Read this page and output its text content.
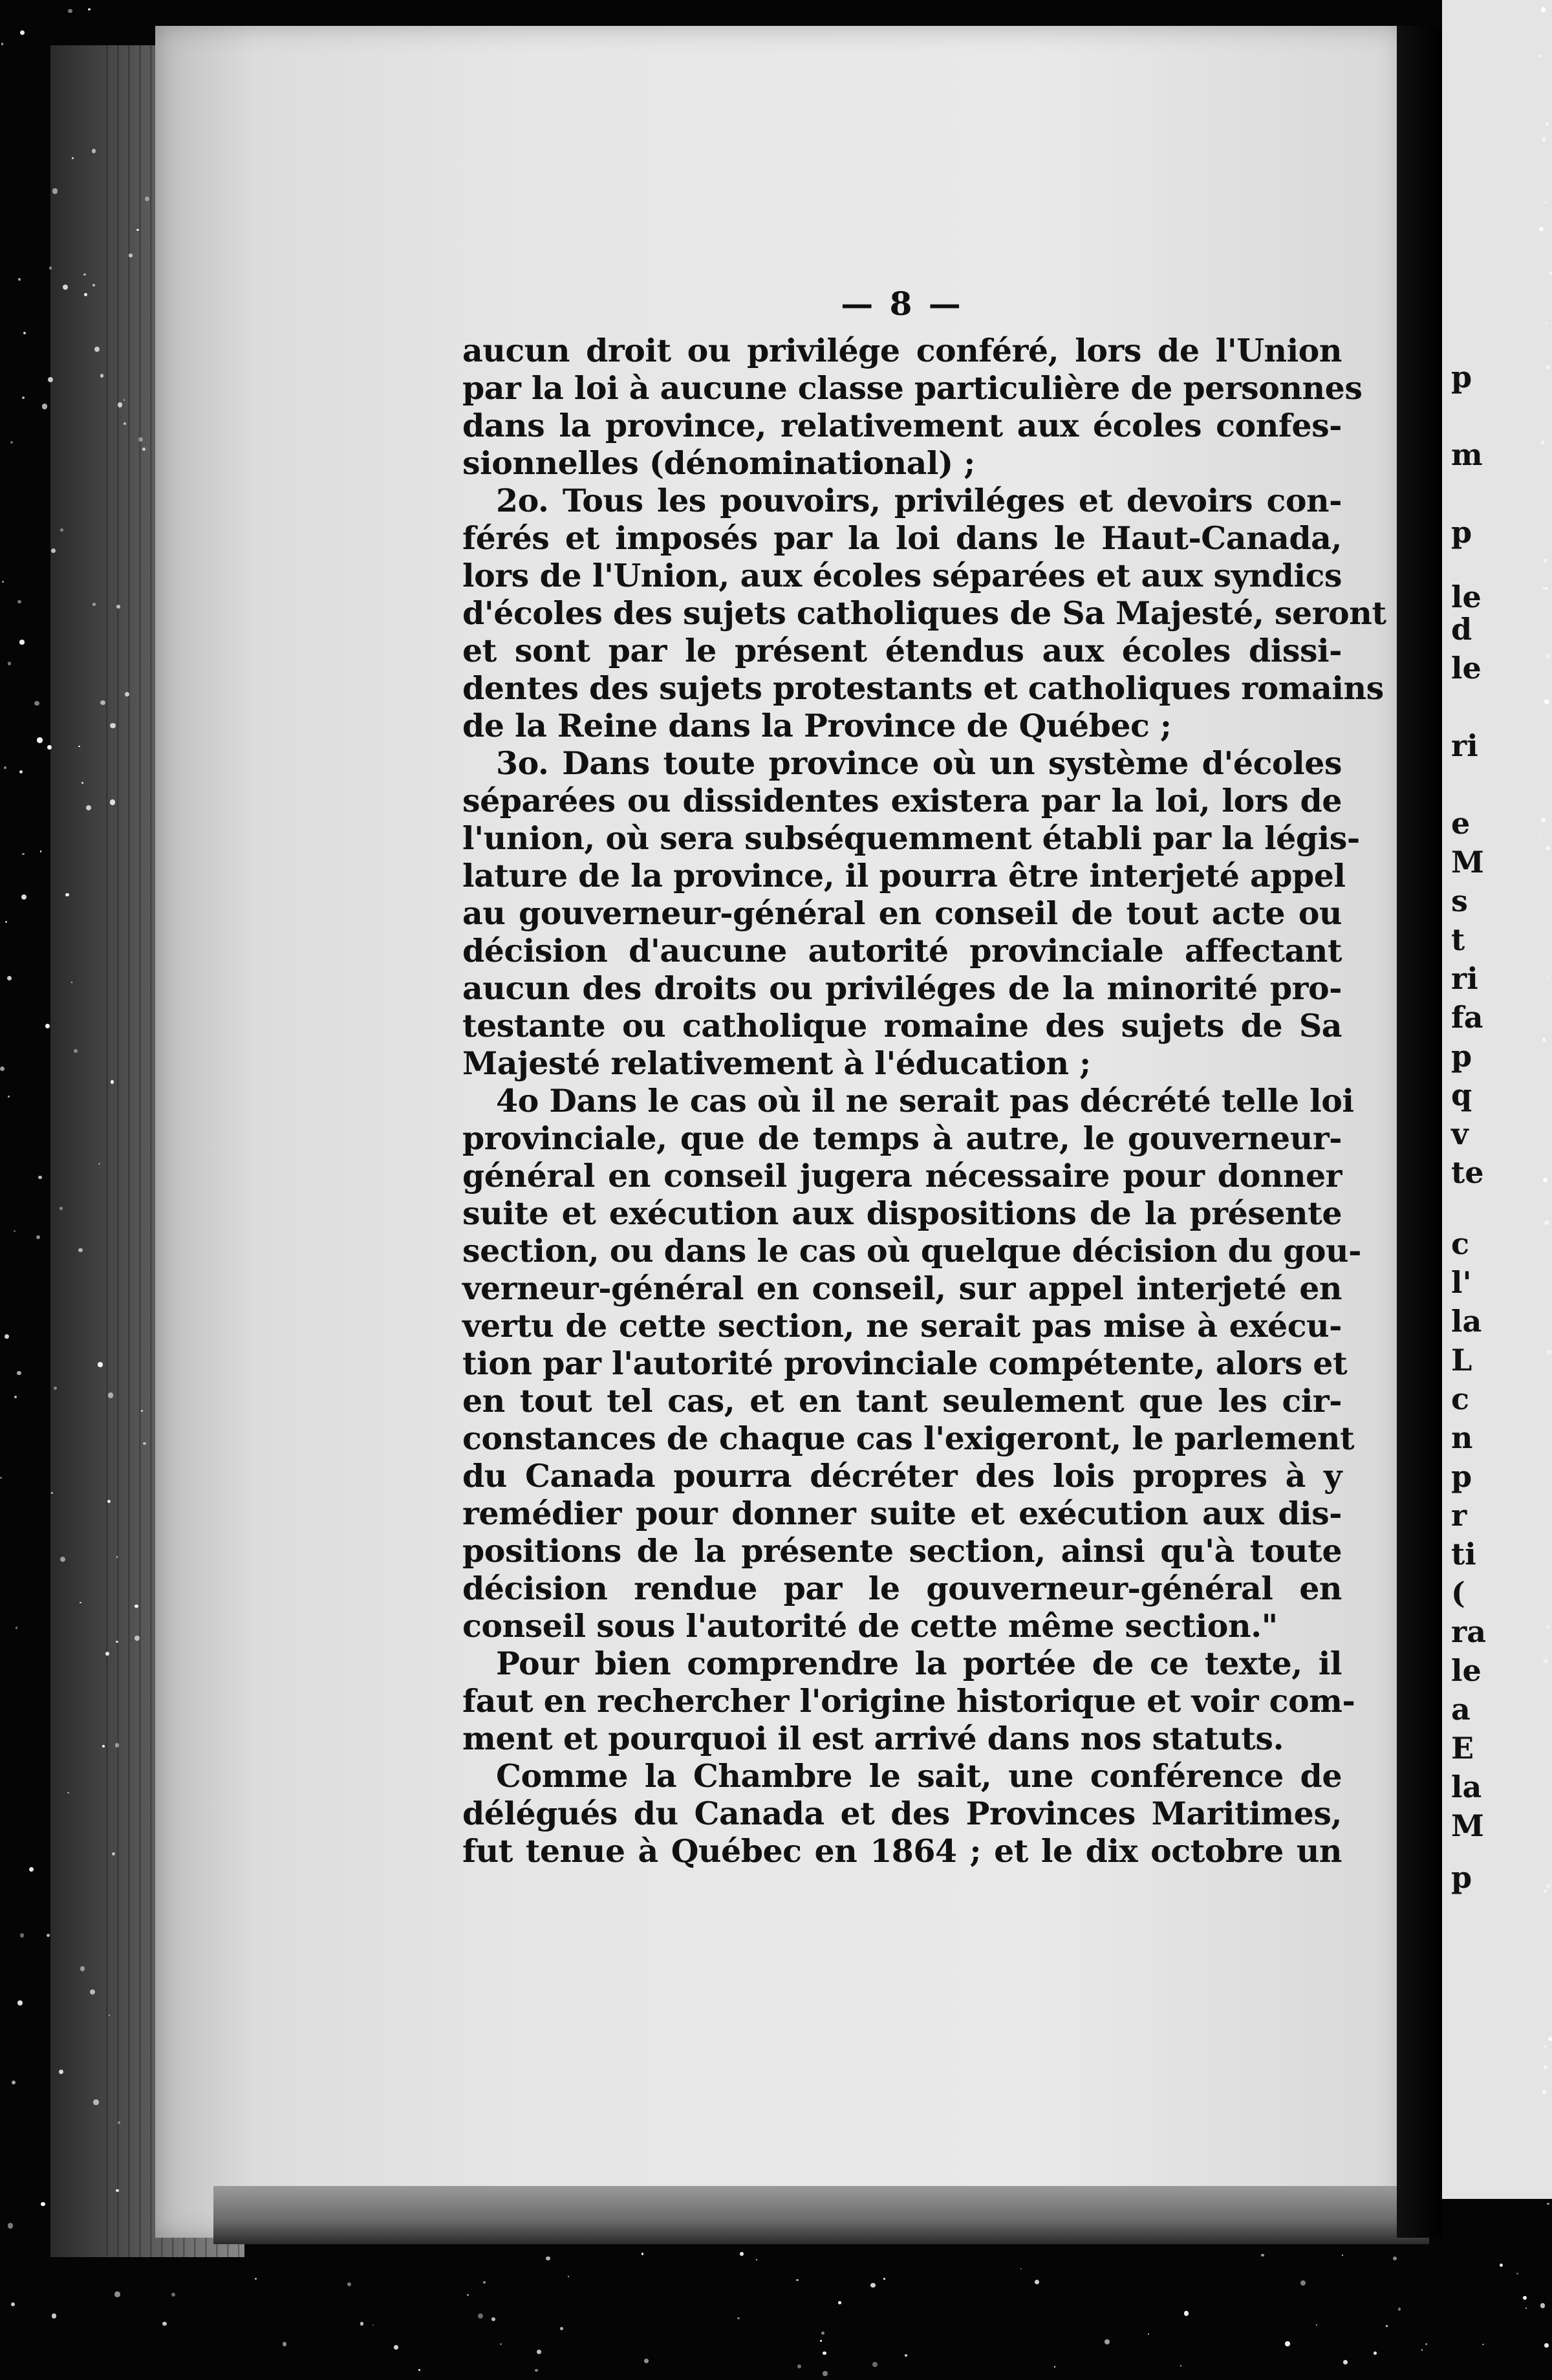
p
m
p
le
d
le
ri
e
M
s
t
ri
fa
p
q
v
te
c
l'
la
L
c
n
p
r
ti
(
ra
le
a
E
la
M
p
— 8 —
aucun droit ou privilége conféré, lors de l'Union
par la loi à aucune classe particulière de personnes
dans la province, relativement aux écoles confes-
sionnelles (dénominational) ;
2o. Tous les pouvoirs, priviléges et devoirs con-
férés et imposés par la loi dans le Haut-Canada,
lors de l'Union, aux écoles séparées et aux syndics
d'écoles des sujets catholiques de Sa Majesté, seront
et sont par le présent étendus aux écoles dissi-
dentes des sujets protestants et catholiques romains
de la Reine dans la Province de Québec ;
3o. Dans toute province où un système d'écoles
séparées ou dissidentes existera par la loi, lors de
l'union, où sera subséquemment établi par la légis-
lature de la province, il pourra être interjeté appel
au gouverneur-général en conseil de tout acte ou
décision d'aucune autorité provinciale affectant
aucun des droits ou priviléges de la minorité pro-
testante ou catholique romaine des sujets de Sa
Majesté relativement à l'éducation ;
4o Dans le cas où il ne serait pas décrété telle loi
provinciale, que de temps à autre, le gouverneur-
général en conseil jugera nécessaire pour donner
suite et exécution aux dispositions de la présente
section, ou dans le cas où quelque décision du gou-
verneur-général en conseil, sur appel interjeté en
vertu de cette section, ne serait pas mise à exécu-
tion par l'autorité provinciale compétente, alors et
en tout tel cas, et en tant seulement que les cir-
constances de chaque cas l'exigeront, le parlement
du Canada pourra décréter des lois propres à y
remédier pour donner suite et exécution aux dis-
positions de la présente section, ainsi qu'à toute
décision rendue par le gouverneur-général en
conseil sous l'autorité de cette même section."
Pour bien comprendre la portée de ce texte, il
faut en rechercher l'origine historique et voir com-
ment et pourquoi il est arrivé dans nos statuts.
Comme la Chambre le sait, une conférence de
délégués du Canada et des Provinces Maritimes,
fut tenue à Québec en 1864 ; et le dix octobre un
